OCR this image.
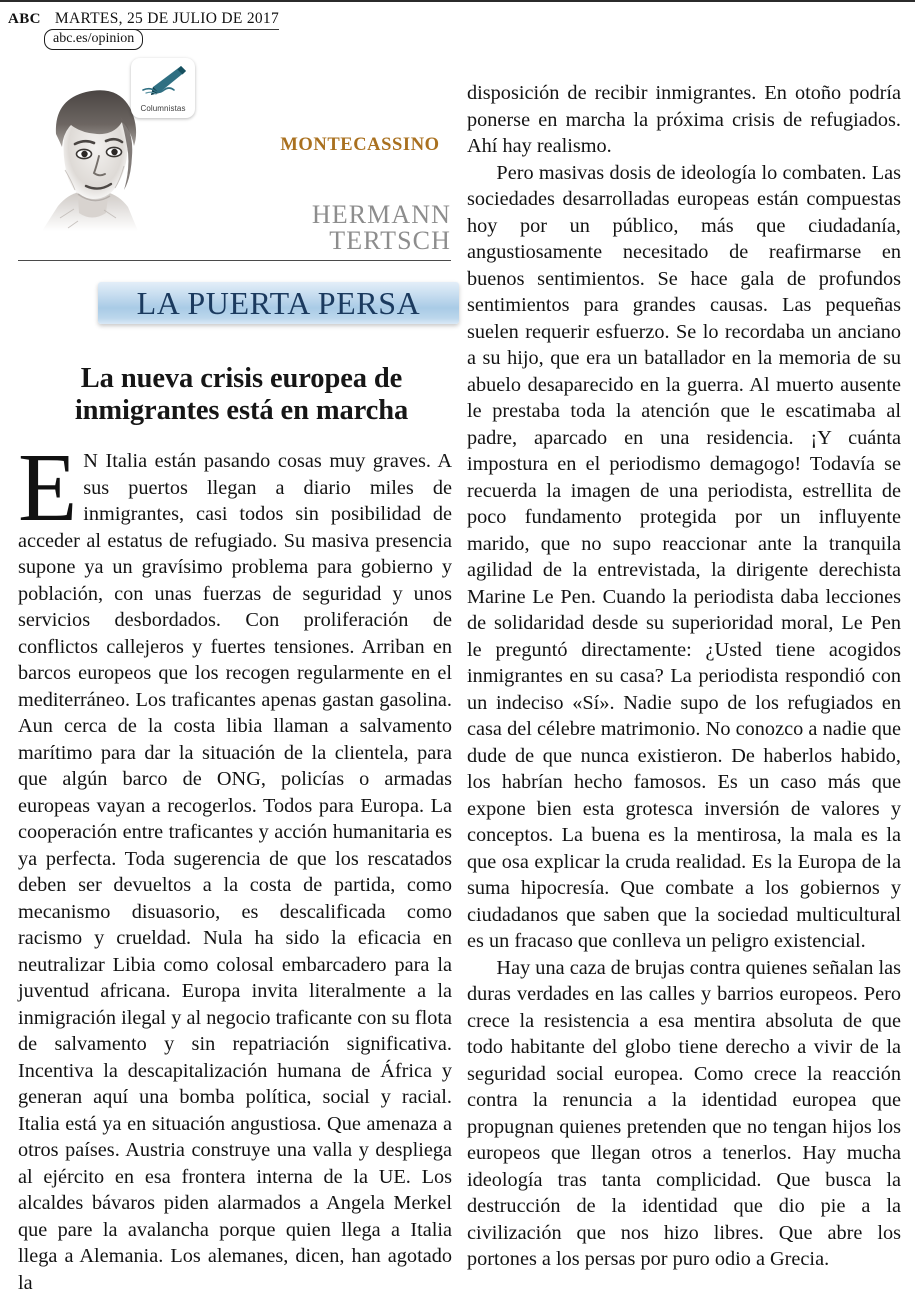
ABC MARTES, 25 DE JULIO DE 2017
abc.es/opinion
Columnistas
MONTECASSINO
HERMANN
TERTSCH
LA PUERTA PERSA
La nueva crisis europea de
inmigrantes está en marcha

E N Italia están pasando cosas muy graves. A sus puertos llegan a diario miles de inmigrantes, casi todos sin posibilidad de acceder al estatus de refugiado. Su masiva presencia supone ya un gravísimo problema para gobierno y población, con unas fuerzas de seguridad y unos servicios desbordados. Con proliferación de conflictos callejeros y fuertes tensiones. Arriban en barcos europeos que los recogen regularmente en el mediterráneo. Los traficantes apenas gastan gasolina. Aun cerca de la costa libia llaman a salvamento marítimo para dar la situación de la clientela, para que algún barco de ONG, policías o armadas europeas vayan a recogerlos. Todos para Europa. La cooperación entre traficantes y acción humanitaria es ya perfecta. Toda sugerencia de que los rescatados deben ser devueltos a la costa de partida, como mecanismo disuasorio, es descalificada como racismo y crueldad. Nula ha sido la eficacia en neutralizar Libia como colosal embarcadero para la juventud africana. Europa invita literalmente a la inmigración ilegal y al negocio traficante con su flota de salvamento y sin repatriación significativa. Incentiva la descapitalización humana de África y generan aquí una bomba política, social y racial. Italia está ya en situación angustiosa. Que amenaza a otros países. Austria construye una valla y despliega al ejército en esa frontera interna de la UE. Los alcaldes bávaros piden alarmados a Angela Merkel que pare la avalancha porque quien llega a Italia llega a Alemania. Los alemanes, dicen, han agotado la

disposición de recibir inmigrantes. En otoño podría ponerse en marcha la próxima crisis de refugiados. Ahí hay realismo.

Pero masivas dosis de ideología lo combaten. Las sociedades desarrolladas europeas están compuestas hoy por un público, más que ciudadanía, angustiosamente necesitado de reafirmarse en buenos sentimientos. Se hace gala de profundos sentimientos para grandes causas. Las pequeñas suelen requerir esfuerzo. Se lo recordaba un anciano a su hijo, que era un batallador en la memoria de su abuelo desaparecido en la guerra. Al muerto ausente le prestaba toda la atención que le escatimaba al padre, aparcado en una residencia. ¡Y cuánta impostura en el periodismo demagogo! Todavía se recuerda la imagen de una periodista, estrellita de poco fundamento protegida por un influyente marido, que no supo reaccionar ante la tranquila agilidad de la entrevistada, la dirigente derechista Marine Le Pen. Cuando la periodista daba lecciones de solidaridad desde su superioridad moral, Le Pen le preguntó directamente: ¿Usted tiene acogidos inmigrantes en su casa? La periodista respondió con un indeciso «Sí». Nadie supo de los refugiados en casa del célebre matrimonio. No conozco a nadie que dude de que nunca existieron. De haberlos habido, los habrían hecho famosos. Es un caso más que expone bien esta grotesca inversión de valores y conceptos. La buena es la mentirosa, la mala es la que osa explicar la cruda realidad. Es la Europa de la suma hipocresía. Que combate a los gobiernos y ciudadanos que saben que la sociedad multicultural es un fracaso que conlleva un peligro existencial.

Hay una caza de brujas contra quienes señalan las duras verdades en las calles y barrios europeos. Pero crece la resistencia a esa mentira absoluta de que todo habitante del globo tiene derecho a vivir de la seguridad social europea. Como crece la reacción contra la renuncia a la identidad europea que propugnan quienes pretenden que no tengan hijos los europeos que llegan otros a tenerlos. Hay mucha ideología tras tanta complicidad. Que busca la destrucción de la identidad que dio pie a la civilización que nos hizo libres. Que abre los portones a los persas por puro odio a Grecia.
